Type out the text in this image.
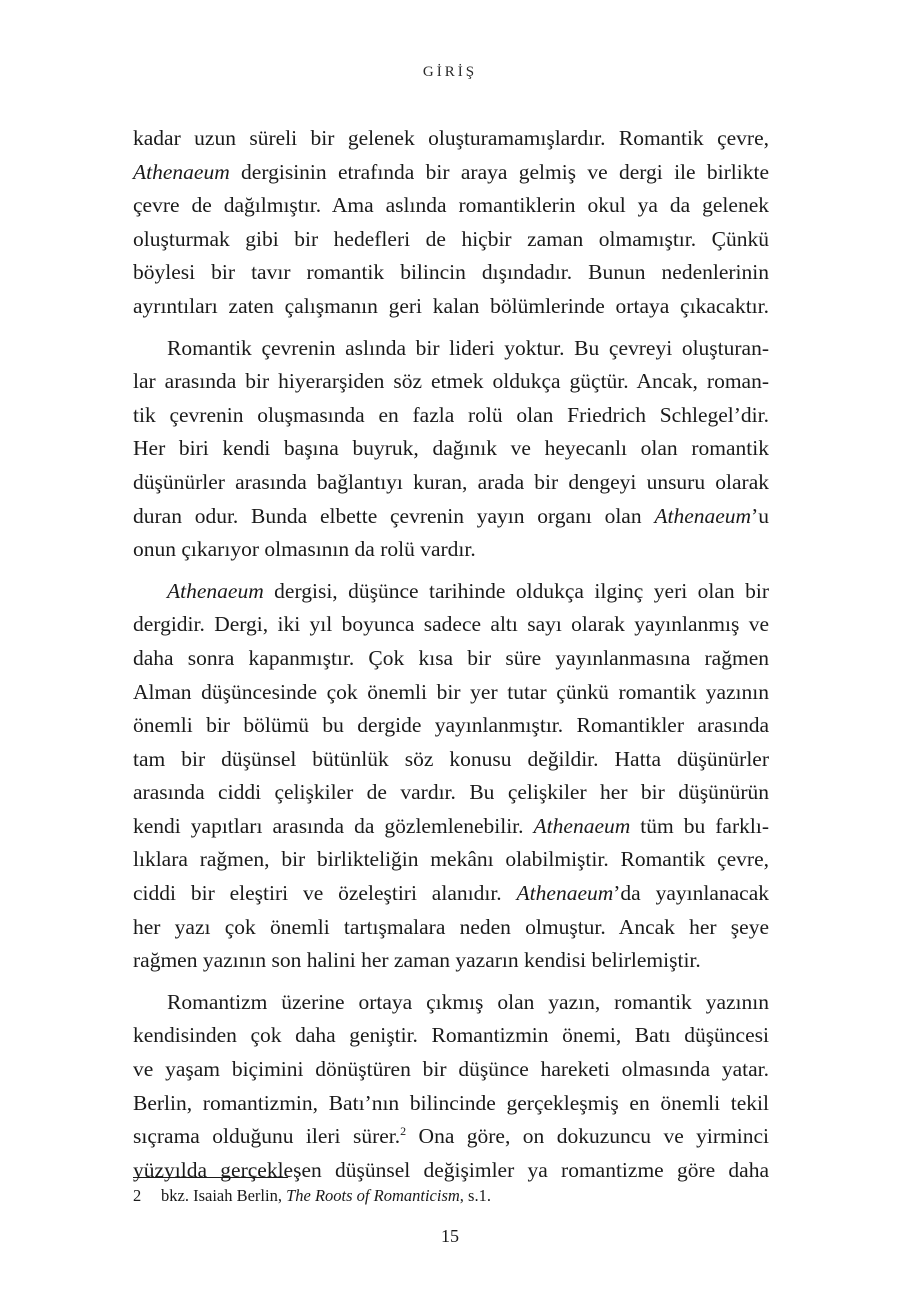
GİRİŞ
kadar uzun süreli bir gelenek oluşturamamışlardır. Romantik çevre,
Athenaeum dergisinin etrafında bir araya gelmiş ve dergi ile birlikte
çevre de dağılmıştır. Ama aslında romantiklerin okul ya da gelenek
oluşturmak gibi bir hedefleri de hiçbir zaman olmamıştır. Çünkü
böylesi bir tavır romantik bilincin dışındadır. Bunun nedenlerinin
ayrıntıları zaten çalışmanın geri kalan bölümlerinde ortaya çıkacaktır.
Romantik çevrenin aslında bir lideri yoktur. Bu çevreyi oluşturan-
lar arasında bir hiyerarşiden söz etmek oldukça güçtür. Ancak, roman-
tik çevrenin oluşmasında en fazla rolü olan Friedrich Schlegel’dir.
Her biri kendi başına buyruk, dağınık ve heyecanlı olan romantik
düşünürler arasında bağlantıyı kuran, arada bir dengeyi unsuru olarak
duran odur. Bunda elbette çevrenin yayın organı olan Athenaeum’u
onun çıkarıyor olmasının da rolü vardır.
Athenaeum dergisi, düşünce tarihinde oldukça ilginç yeri olan bir
dergidir. Dergi, iki yıl boyunca sadece altı sayı olarak yayınlanmış ve
daha sonra kapanmıştır. Çok kısa bir süre yayınlanmasına rağmen
Alman düşüncesinde çok önemli bir yer tutar çünkü romantik yazının
önemli bir bölümü bu dergide yayınlanmıştır. Romantikler arasında
tam bir düşünsel bütünlük söz konusu değildir. Hatta düşünürler
arasında ciddi çelişkiler de vardır. Bu çelişkiler her bir düşünürün
kendi yapıtları arasında da gözlemlenebilir. Athenaeum tüm bu farklı-
lıklara rağmen, bir birlikteliğin mekânı olabilmiştir. Romantik çevre,
ciddi bir eleştiri ve özeleştiri alanıdır. Athenaeum’da yayınlanacak
her yazı çok önemli tartışmalara neden olmuştur. Ancak her şeye
rağmen yazının son halini her zaman yazarın kendisi belirlemiştir.
Romantizm üzerine ortaya çıkmış olan yazın, romantik yazının
kendisinden çok daha geniştir. Romantizmin önemi, Batı düşüncesi
ve yaşam biçimini dönüştüren bir düşünce hareketi olmasında yatar.
Berlin, romantizmin, Batı’nın bilincinde gerçekleşmiş en önemli tekil
sıçrama olduğunu ileri sürer.$^2$ Ona göre, on dokuzuncu ve yirminci
yüzyılda gerçekleşen düşünsel değişimler ya romantizme göre daha
2 bkz. Isaiah Berlin, The Roots of Romanticism, s.1.
15
